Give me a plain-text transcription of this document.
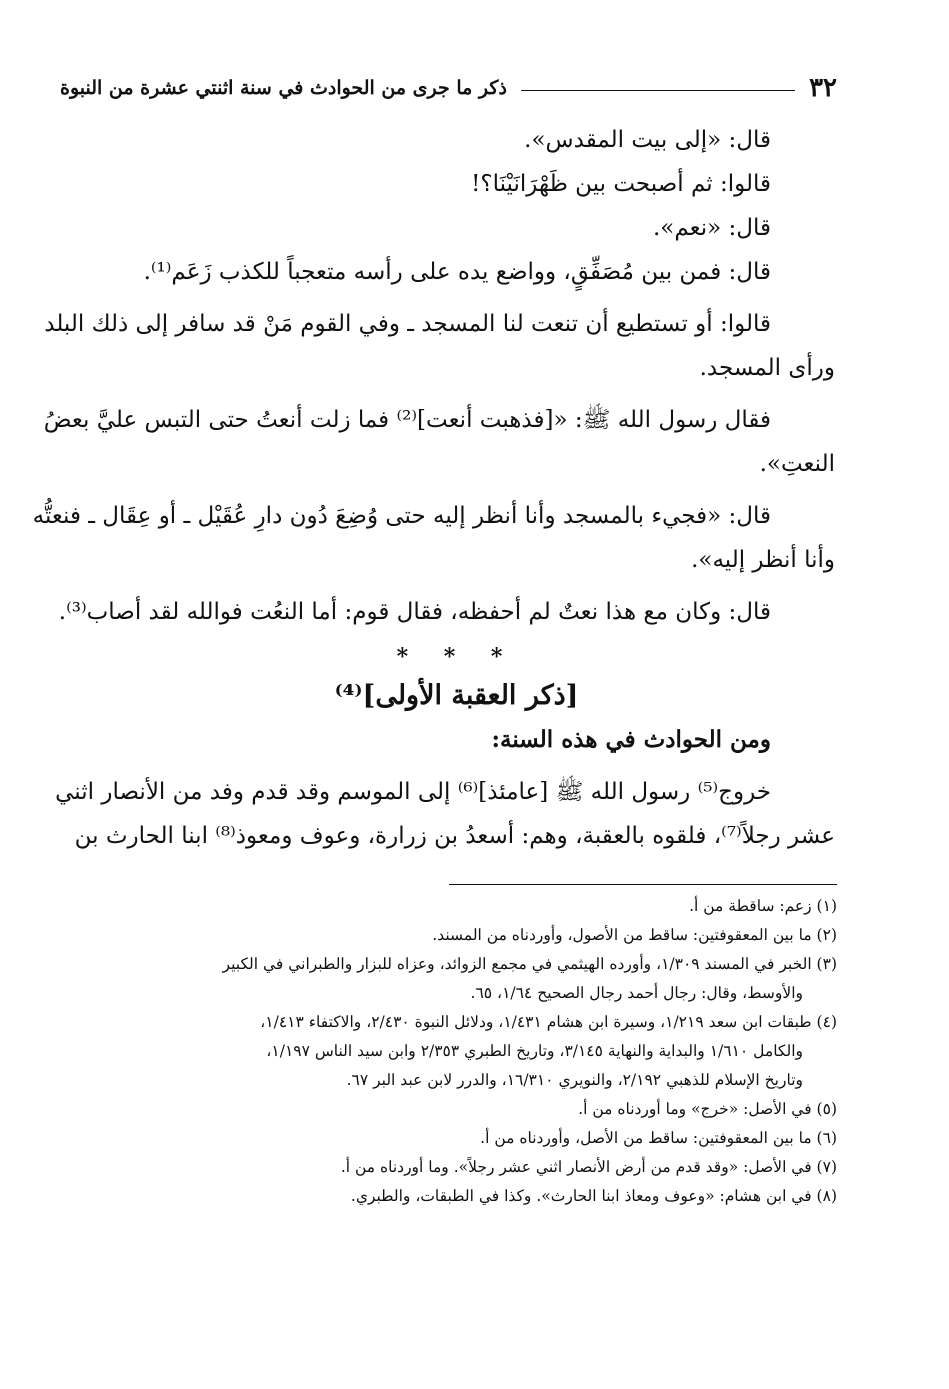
٣٢
ذكر ما جرى من الحوادث في سنة اثنتي عشرة من النبوة
قال: «إلى بيت المقدس».
قالوا: ثم أصبحت بين ظَهْرَانَيْنَا؟!
قال: «نعم».
قال: فمن بين مُصَفِّقٍ، وواضع يده على رأسه متعجباً للكذب زَعَم⁽¹⁾.
قالوا: أو تستطيع أن تنعت لنا المسجد ـ وفي القوم مَنْ قد سافر إلى ذلك البلد
ورأى المسجد.
فقال رسول الله ﷺ: «[فذهبت أنعت]⁽²⁾ فما زلت أنعتُ حتى التبس عليَّ بعضُ
النعتِ».
قال: «فجيء بالمسجد وأنا أنظر إليه حتى وُضِعَ دُون دارِ عُقَيْل ـ أو عِقَال ـ فنعتُّه
وأنا أنظر إليه».
قال: وكان مع هذا نعتٌ لم أحفظه، فقال قوم: أما النعُت فوالله لقد أصاب⁽³⁾.
* * *
[ذكر العقبة الأولى]⁽⁴⁾
ومن الحوادث في هذه السنة:
خروج⁽⁵⁾ رسول الله ﷺ [عامئذ]⁽⁶⁾ إلى الموسم وقد قدم وفد من الأنصار اثني
عشر رجلاً⁽⁷⁾، فلقوه بالعقبة، وهم: أسعدُ بن زرارة، وعوف ومعوذ⁽⁸⁾ ابنا الحارث بن
(١) زعم: ساقطة من أ.
(٢) ما بين المعقوفتين: ساقط من الأصول، وأوردناه من المسند.
(٣) الخبر في المسند ١/٣٠٩، وأورده الهيثمي في مجمع الزوائد، وعزاه للبزار والطبراني في الكبير
والأوسط، وقال: رجال أحمد رجال الصحيح ١/٦٤، ٦٥.
(٤) طبقات ابن سعد ١/٢١٩، وسيرة ابن هشام ١/٤٣١، ودلائل النبوة ٢/٤٣٠، والاكتفاء ١/٤١٣،
والكامل ١/٦١٠ والبداية والنهاية ٣/١٤٥، وتاريخ الطبري ٢/٣٥٣ وابن سيد الناس ١/١٩٧،
وتاريخ الإسلام للذهبي ٢/١٩٢، والنويري ١٦/٣١٠، والدرر لابن عبد البر ٦٧.
(٥) في الأصل: «خرج» وما أوردناه من أ.
(٦) ما بين المعقوفتين: ساقط من الأصل، وأوردناه من أ.
(٧) في الأصل: «وقد قدم من أرض الأنصار اثني عشر رجلاً». وما أوردناه من أ.
(٨) في ابن هشام: «وعوف ومعاذ ابنا الحارث». وكذا في الطبقات، والطبري.
